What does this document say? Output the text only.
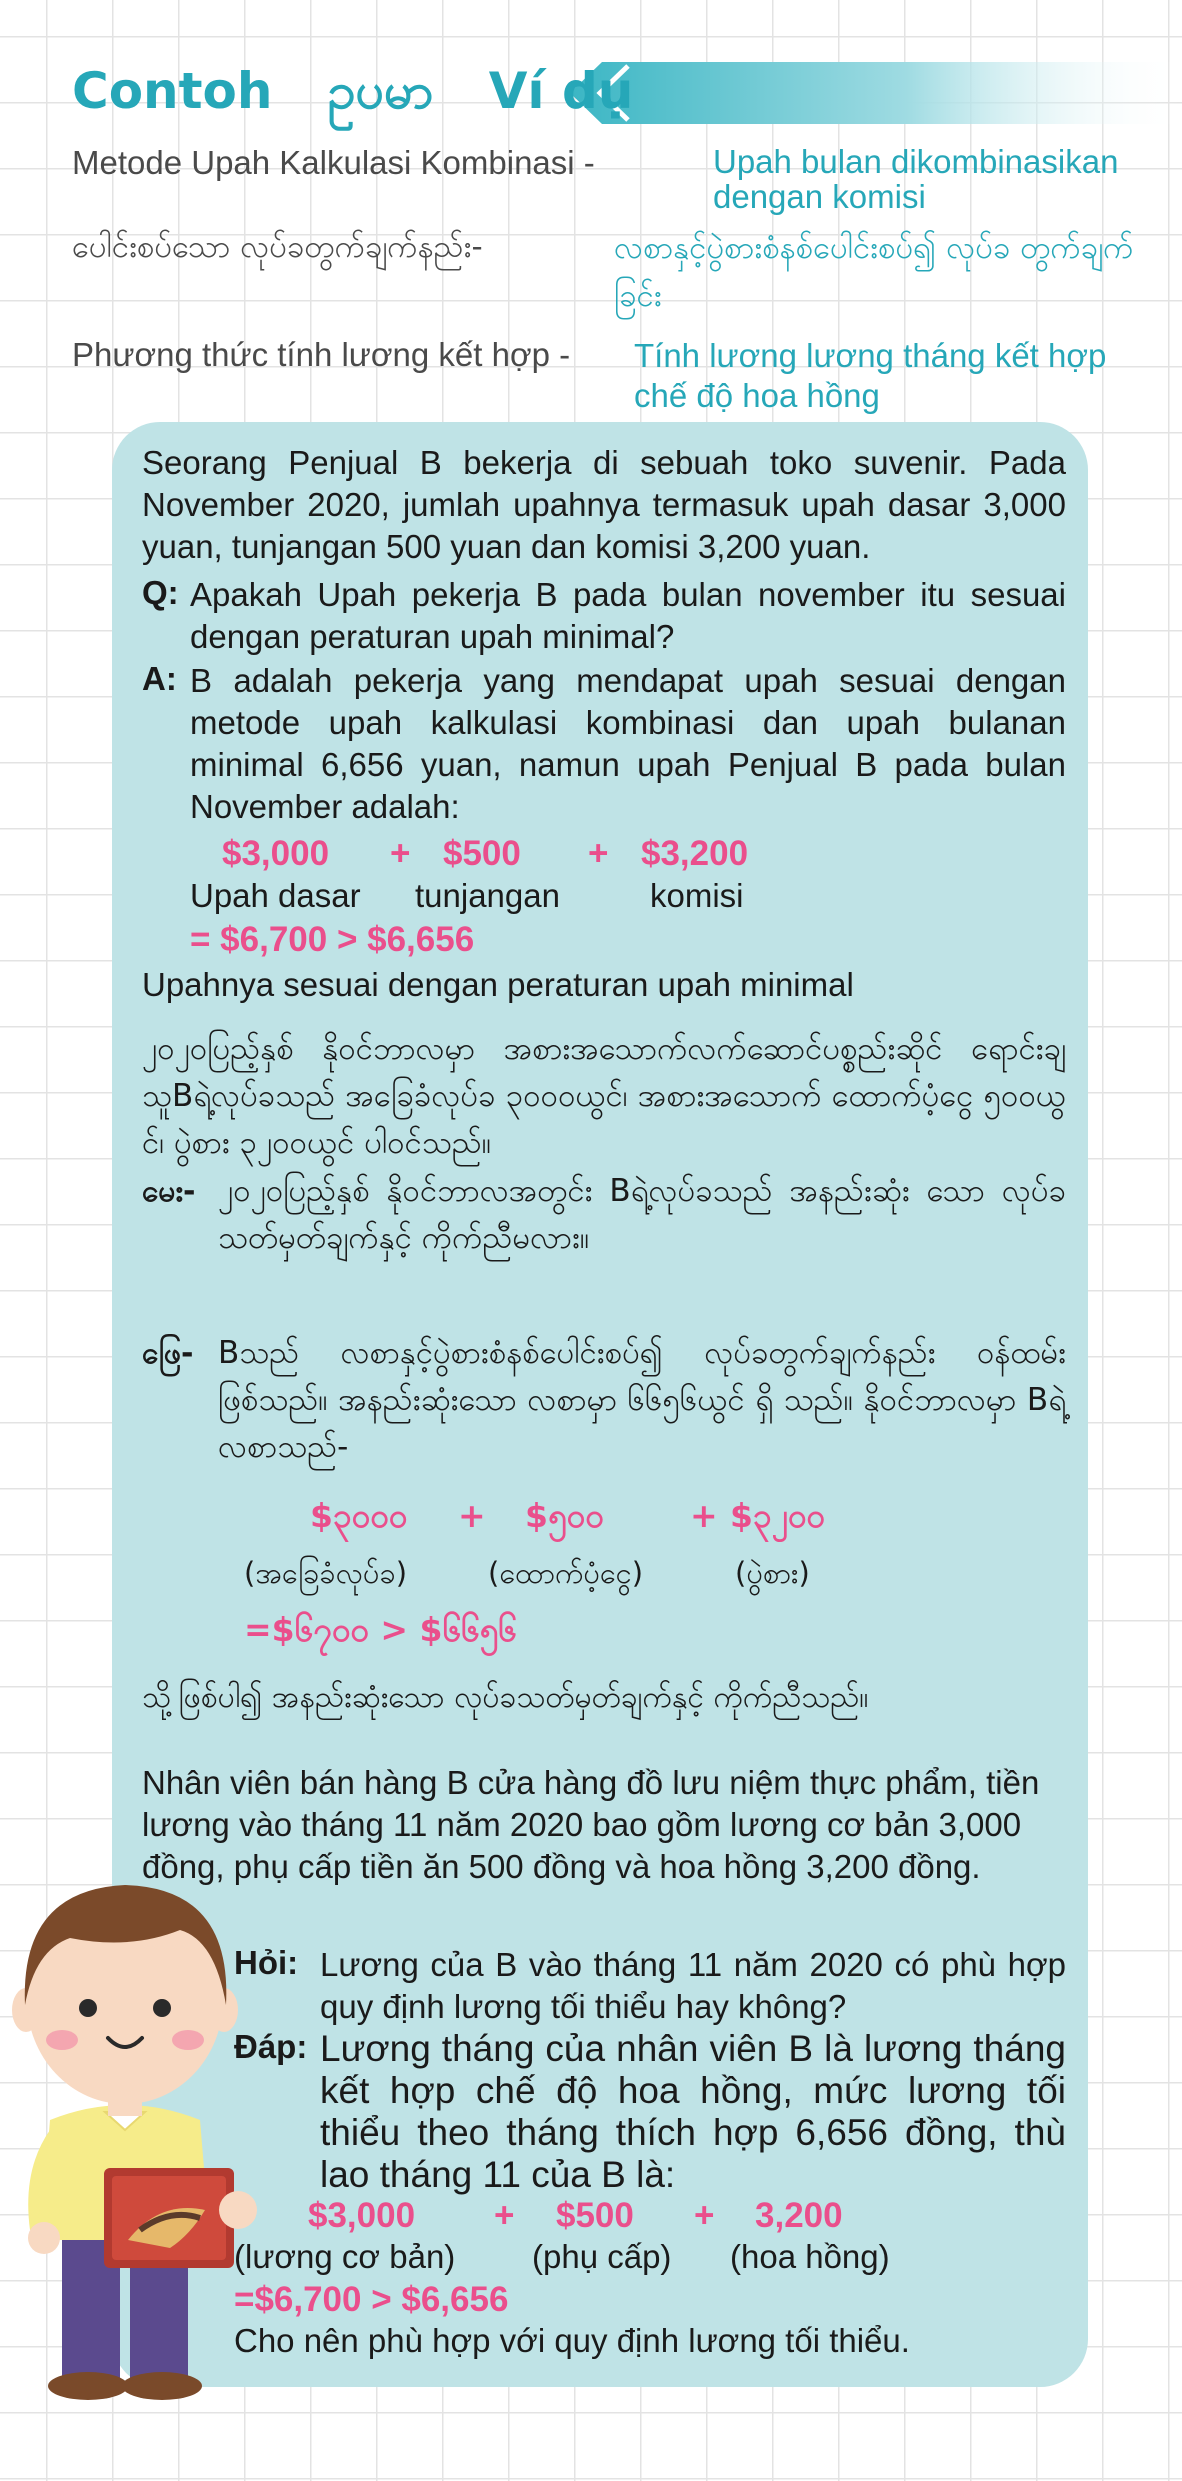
Contoh ဥပမာ Ví dụ
Metode Upah Kalkulasi Kombinasi -	Upah bulan dikombinasikan dengan komisi
ပေါင်းစပ်သော လုပ်ခတွက်ချက်နည်း-	လစာနှင့်ပွဲစားစံနစ်ပေါင်းစပ်၍ လုပ်ခ တွက်ချက်ခြင်း
Phương thức tính lương kết hợp - Tính lương lương tháng kết hợp chế độ hoa hồng
Seorang Penjual B bekerja di sebuah toko suvenir. Pada November 2020, jumlah upahnya termasuk upah dasar 3,000 yuan, tunjangan 500 yuan dan komisi 3,200 yuan.
Q: Apakah Upah pekerja B pada bulan november itu sesuai dengan peraturan upah minimal?
A: B adalah pekerja yang mendapat upah sesuai dengan metode upah kalkulasi kombinasi dan upah bulanan minimal 6,656 yuan, namun upah Penjual B pada bulan November adalah:
$3,000 + $500 + $3,200
Upah dasar tunjangan	komisi
= $6,700 > $6,656
Upahnya sesuai dengan peraturan upah minimal
၂၀၂၀ပြည့်နှစ် နိုဝင်ဘာလမှာ အစားအသောက်လက်ဆောင်ပစ္စည်းဆိုင် ရောင်းချသူBရဲ့လုပ်ခသည် အခြေခံလုပ်ခ ၃၀၀၀ယွင်၊ အစားအသောက် ထောက်ပံ့ငွေ ၅၀၀ယွင်၊ ပွဲစား ၃၂၀၀ယွင် ပါဝင်သည်။
မေး- ၂၀၂၀ပြည့်နှစ် နိုဝင်ဘာလအတွင်း Bရဲ့လုပ်ခသည် အနည်းဆုံး သော လုပ်ခသတ်မှတ်ချက်နှင့် ကိုက်ညီမလား။
ဖြေ- Bသည် လစာနှင့်ပွဲစားစံနစ်ပေါင်းစပ်၍ လုပ်ခတွက်ချက်နည်း ဝန်ထမ်းဖြစ်သည်။ အနည်းဆုံးသော လစာမှာ ၆၆၅၆ယွင် ရှိ သည်။ နိုဝင်ဘာလမှာ Bရဲ့လစာသည်-
$၃၀၀၀ + $၅၀၀	+ $၃၂၀၀
(အခြေခံလုပ်ခ)	(ထောက်ပံ့ငွေ)	(ပွဲစား)
=$၆၇၀၀ > $၆၆၅၆
သို့ဖြစ်ပါ၍ အနည်းဆုံးသော လုပ်ခသတ်မှတ်ချက်နှင့် ကိုက်ညီသည်။
Nhân viên bán hàng B cửa hàng đồ lưu niệm thực phẩm, tiền lương vào tháng 11 năm 2020 bao gồm lương cơ bản 3,000 đồng, phụ cấp tiền ăn 500 đồng và hoa hồng 3,200 đồng.
Hỏi: Lương của B vào tháng 11 năm 2020 có phù hợp quy định lương tối thiểu hay không?
Đáp: Lương tháng của nhân viên B là lương tháng kết hợp chế độ hoa hồng, mức lương tối thiểu theo tháng thích hợp 6,656 đồng, thù lao tháng 11 của B là:
$3,000 + $500 + 3,200
(lương cơ bản) (phụ cấp) (hoa hồng)
=$6,700 > $6,656
Cho nên phù hợp với quy định lương tối thiểu.
